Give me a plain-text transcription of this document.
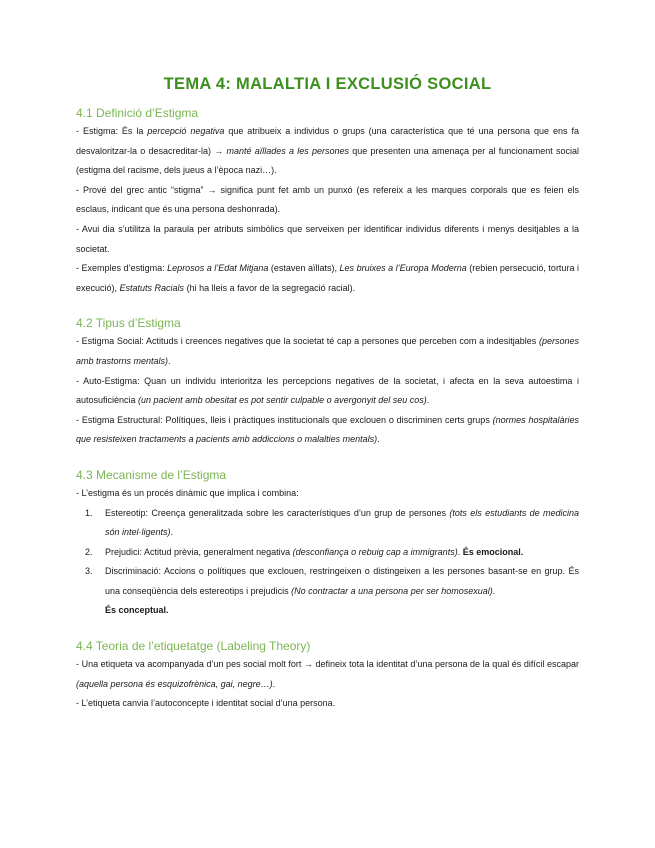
TEMA 4: MALALTIA I EXCLUSIÓ SOCIAL
4.1 Definició d’Estigma

- Estigma: És la percepció negativa que atribueix a individus o grups (una característica que té una persona que ens fa desvaloritzar-la o desacreditar-la) → manté aïllades a les persones que presenten una amenaça per al funcionament social (estigma del racisme, dels jueus a l’època nazi…).

- Prové del grec antic “stigma” → significa punt fet amb un punxó (es refereix a les marques corporals que es feien els esclaus, indicant que és una persona deshonrada).

- Avui dia s’utilitza la paraula per atributs simbòlics que serveixen per identificar individus diferents i menys desitjables a la societat.

- Exemples d’estigma: Leprosos a l’Edat Mitjana (estaven aïllats), Les bruixes a l’Europa Moderna (rebien persecució, tortura i execució), Estatuts Racials (hi ha lleis a favor de la segregació racial).

4.2 Tipus d’Estigma

- Estigma Social: Actituds i creences negatives que la societat té cap a persones que perceben com a indesitjables (persones amb trastorns mentals).

- Auto-Estigma: Quan un individu interioritza les percepcions negatives de la societat, i afecta en la seva autoestima i autosuficiència (un pacient amb obesitat es pot sentir culpable o avergonyit del seu cos).

- Estigma Estructural: Polítiques, lleis i pràctiques institucionals que exclouen o discriminen certs grups (normes hospitalàries que resisteixen tractaments a pacients amb addiccions o malalties mentals).

4.3 Mecanisme de l’Estigma

- L’estigma és un procés dinàmic que implica i combina:

1. Estereotip: Creença generalitzada sobre les característiques d’un grup de persones (tots els estudiants de medicina són intel·ligents).
2. Prejudici: Actitud prèvia, generalment negativa (desconfiança o rebuig cap a immigrants). És emocional.
3. Discriminació: Accions o polítiques que exclouen, restringeixen o distingeixen a les persones basant-se en grup. És una conseqüència dels estereotips i prejudicis (No contractar a una persona per ser homosexual).
És conceptual.
4.4 Teoria de l’etiquetatge (Labeling Theory)

- Una etiqueta va acompanyada d’un pes social molt fort → defineix tota la identitat d’una persona de la qual és difícil escapar (aquella persona és esquizofrènica, gai, negre…).

- L’etiqueta canvia l’autoconcepte i identitat social d’una persona.
